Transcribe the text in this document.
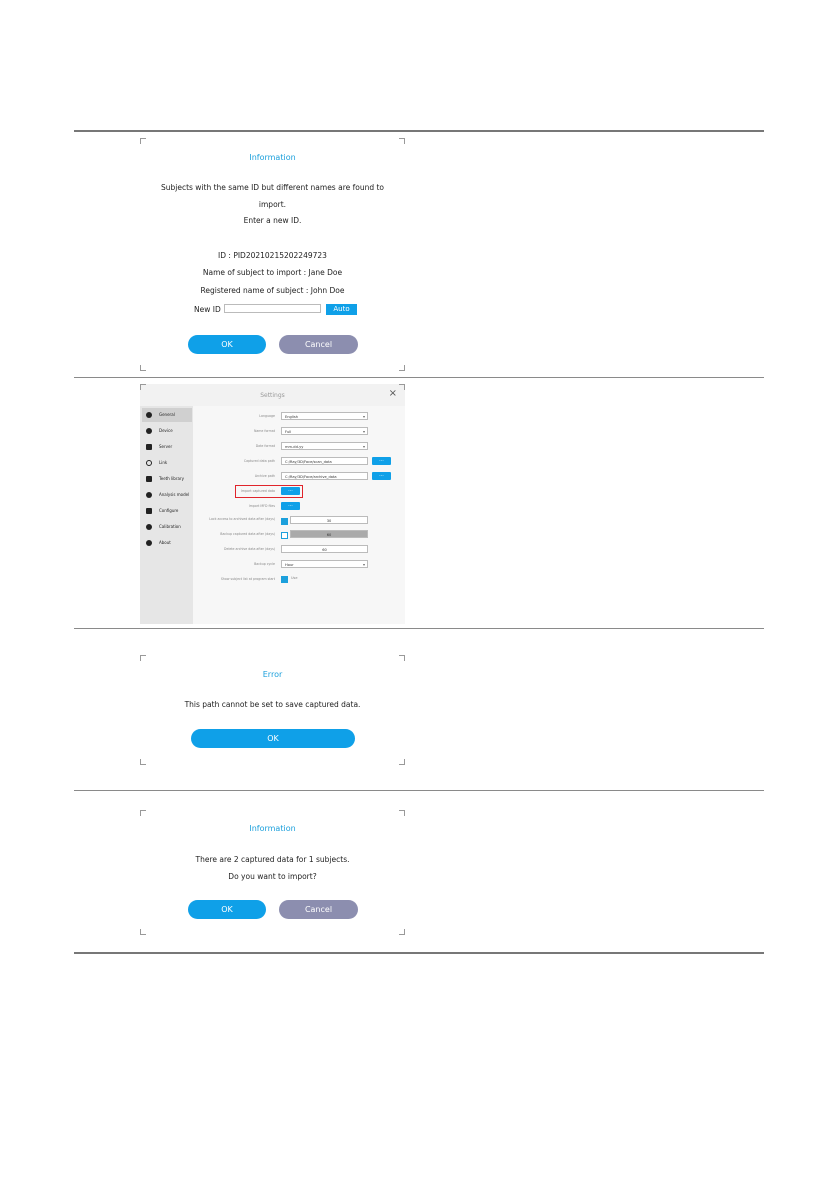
Information
Subjects with the same ID but different names are found to
import.
Enter a new ID.
ID : PID20210215202249723
Name of subject to import : Jane Doe
Registered name of subject : John Doe
New ID	Auto
OK	Cancel
Settings	×
General
Device
Server
Link
Teeth library
Analysis model
Configure
Calibration
About
Language	English ▾
Name format	Full ▾
Date format	mm-dd-yy ▾
Captured data path	C:/Ray/3D/Face/scan_data	...
Archive path	C:/Ray/3D/Face/archive_data	...
Import captured data	...
Import MFD files	...
Lock access to archived data after (days)	30
Backup captured data after (days)	60
Delete archive data after (days)	60
Backup cycle	Hour ▾
Show subject list at program start	Use
Error
This path cannot be set to save captured data.
OK
Information
There are 2 captured data for 1 subjects.
Do you want to import?
OK	Cancel
